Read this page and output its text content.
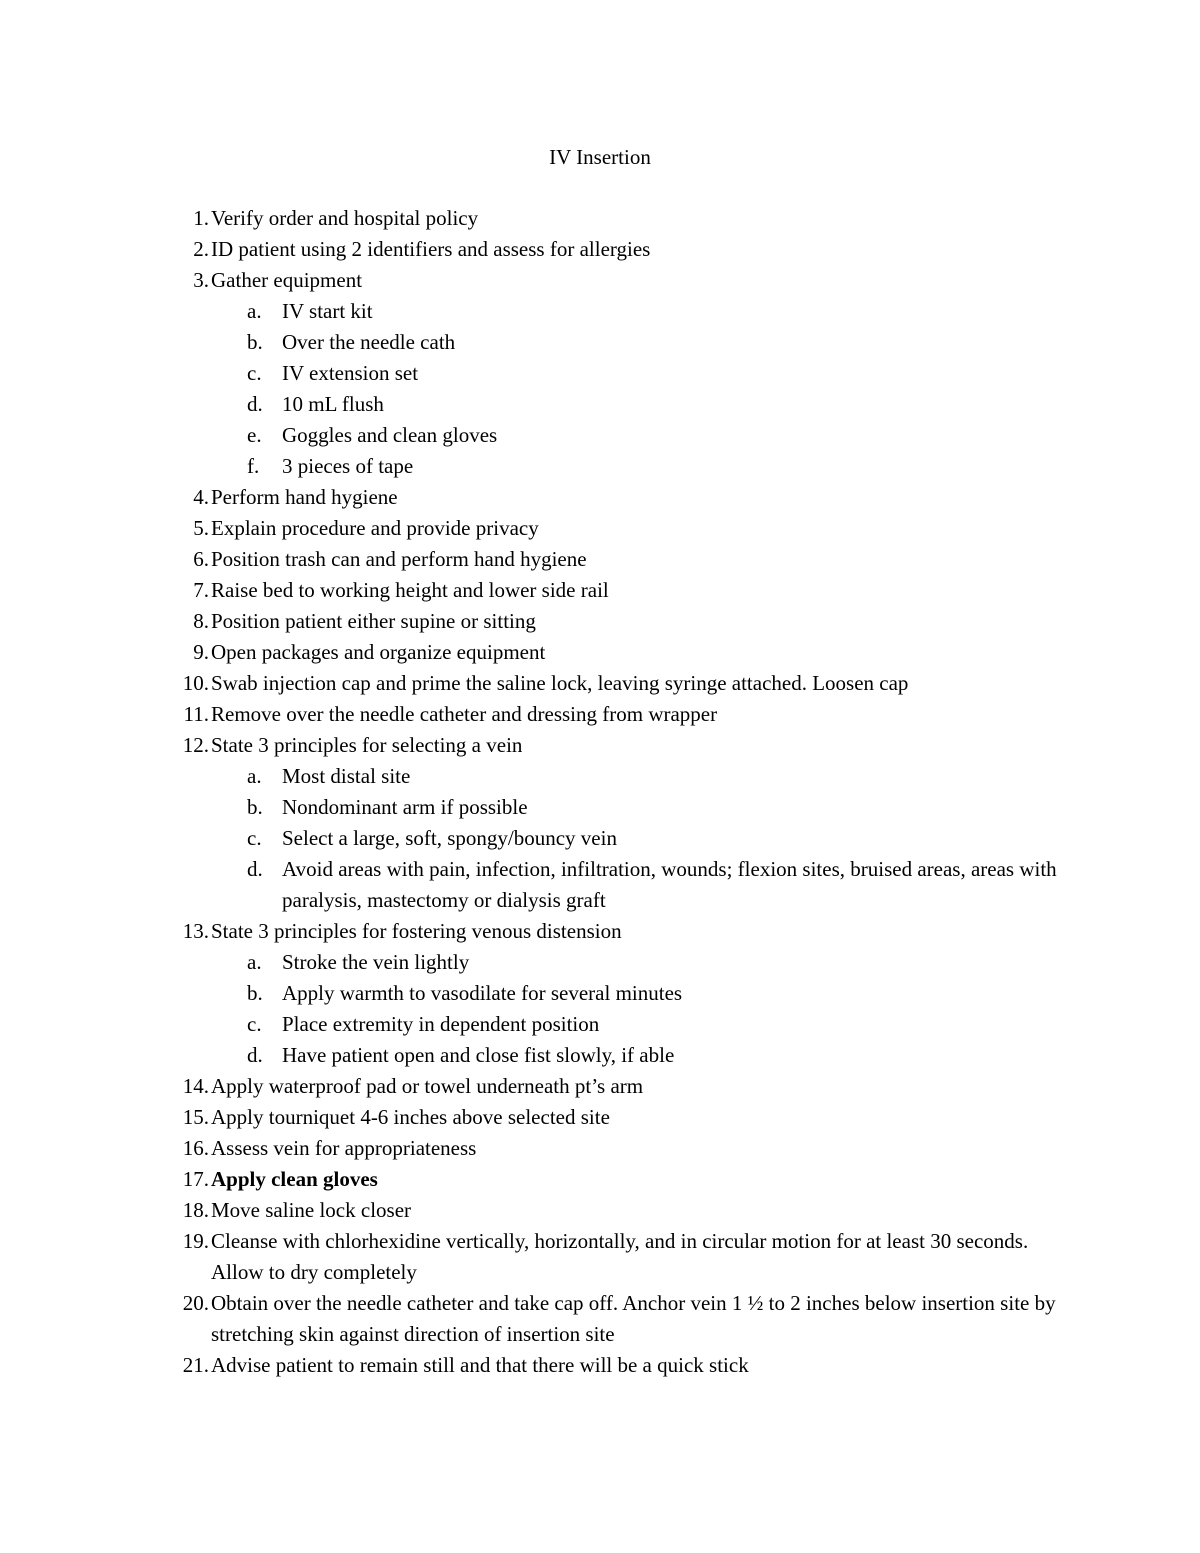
IV Insertion
1. Verify order and hospital policy
2. ID patient using 2 identifiers and assess for allergies
3. Gather equipment
a. IV start kit
b. Over the needle cath
c. IV extension set
d. 10 mL flush
e. Goggles and clean gloves
f. 3 pieces of tape
4. Perform hand hygiene
5. Explain procedure and provide privacy
6. Position trash can and perform hand hygiene
7. Raise bed to working height and lower side rail
8. Position patient either supine or sitting
9. Open packages and organize equipment
10. Swab injection cap and prime the saline lock, leaving syringe attached. Loosen cap
11. Remove over the needle catheter and dressing from wrapper
12. State 3 principles for selecting a vein
a. Most distal site
b. Nondominant arm if possible
c. Select a large, soft, spongy/bouncy vein
d. Avoid areas with pain, infection, infiltration, wounds; flexion sites, bruised areas, areas with paralysis, mastectomy or dialysis graft
13. State 3 principles for fostering venous distension
a. Stroke the vein lightly
b. Apply warmth to vasodilate for several minutes
c. Place extremity in dependent position
d. Have patient open and close fist slowly, if able
14. Apply waterproof pad or towel underneath pt’s arm
15. Apply tourniquet 4-6 inches above selected site
16. Assess vein for appropriateness
17. Apply clean gloves
18. Move saline lock closer
19. Cleanse with chlorhexidine vertically, horizontally, and in circular motion for at least 30 seconds. Allow to dry completely
20. Obtain over the needle catheter and take cap off. Anchor vein 1 ½ to 2 inches below insertion site by stretching skin against direction of insertion site
21. Advise patient to remain still and that there will be a quick stick
